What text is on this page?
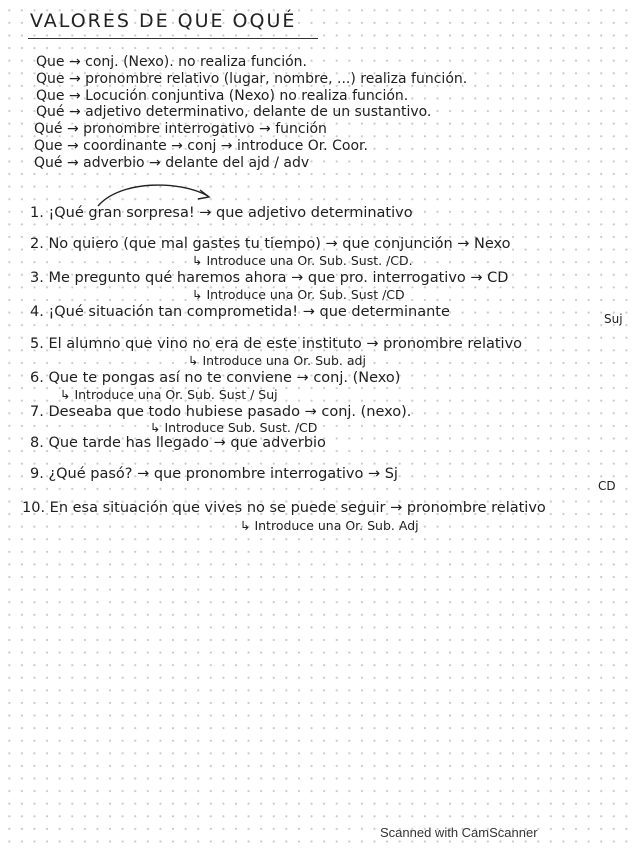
VALORES DE QUE OQUÉ
Que → conj. (Nexo). no realiza función.
Que → pronombre relativo (lugar, nombre, ...) realiza función.
Que → Locución conjuntiva (Nexo) no realiza función.
Qué → adjetivo determinativo, delante de un sustantivo.
Qué → pronombre interrogativo → función
Que → coordinante → conj → introduce Or. Coor.
Qué → adverbio → delante del ajd / adv
1. ¡Qué gran sorpresa! → que adjetivo determinativo
2. No quiero (que mal gastes tu tiempo) → que conjunción → Nexo
↳ Introduce una Or. Sub. Sust. /CD.
3. Me pregunto qué haremos ahora → que pro. interrogativo → CD
↳ Introduce una Or. Sub. Sust /CD
4. ¡Qué situación tan comprometida! → que determinante	Suj
5. El alumno que vino no era de este instituto → pronombre relativo
↳ Introduce una Or. Sub. adj
6. Que te pongas así no te conviene → conj. (Nexo)
↳ Introduce una Or. Sub. Sust / Suj
7. Deseaba que todo hubiese pasado → conj. (nexo).
↳ Introduce Sub. Sust. /CD
8. Que tarde has llegado → que adverbio
9. ¿Qué pasó? → que pronombre interrogativo → Sj
CD
10. En esa situación que vives no se puede seguir → pronombre relativo
↳ Introduce una Or. Sub. Adj
Scanned with CamScanner
